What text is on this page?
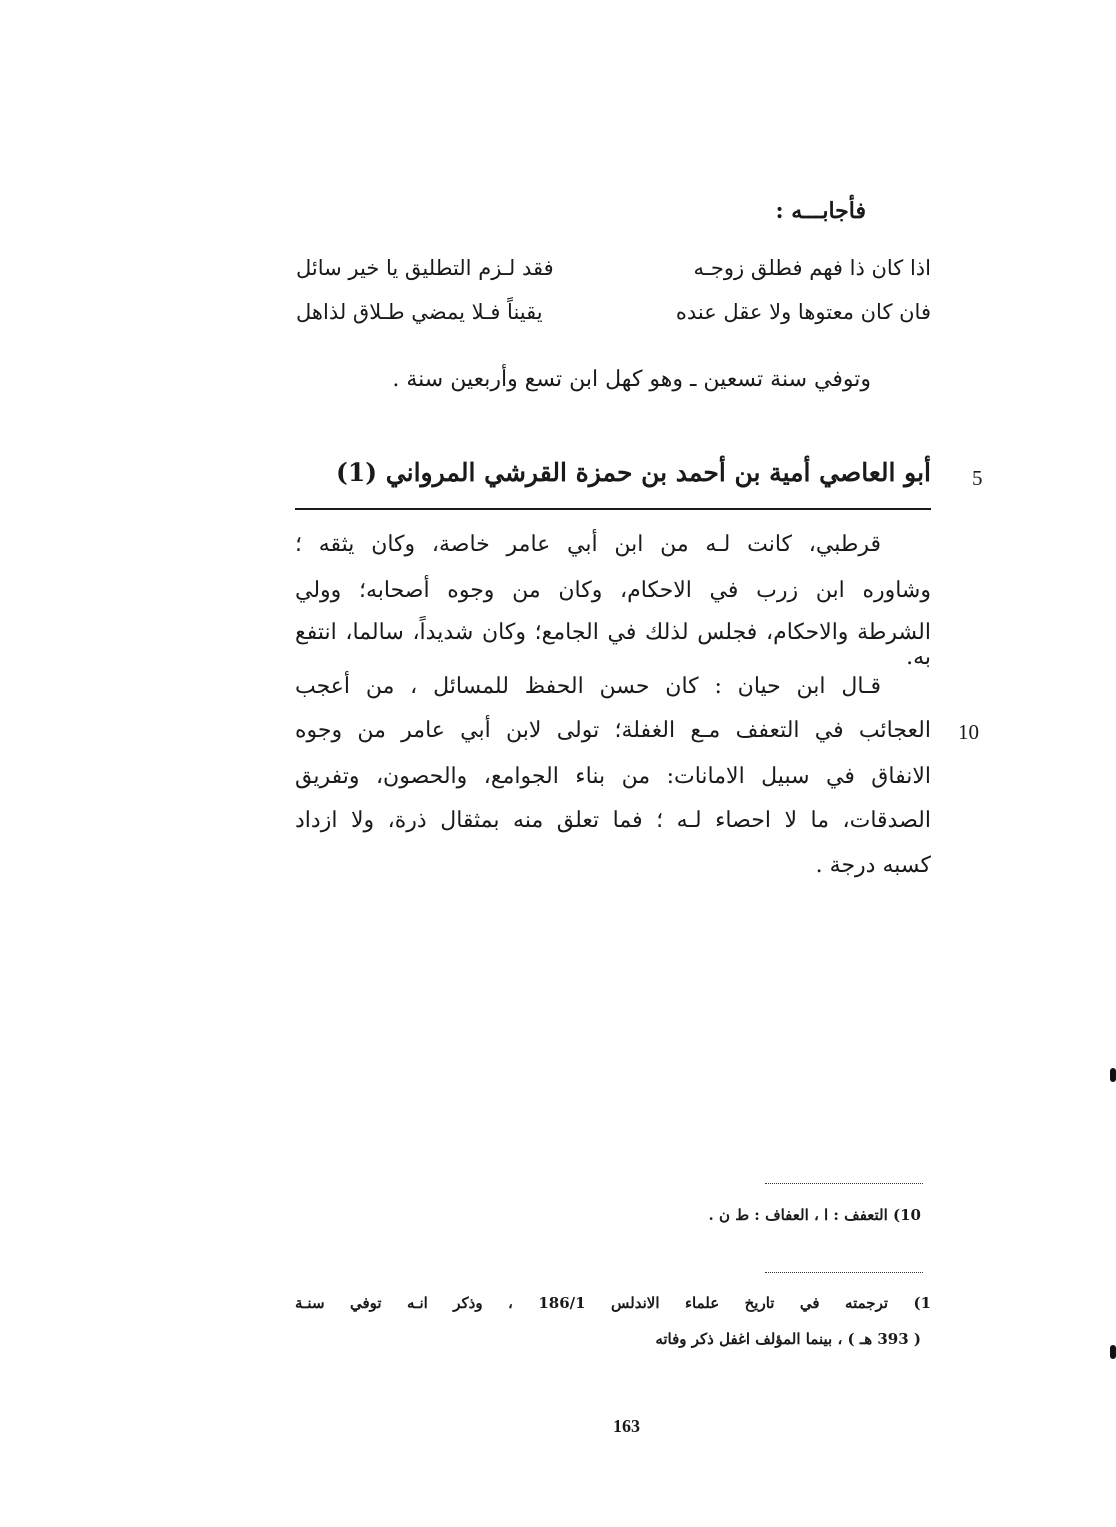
فأجابـــه :
اذا كان ذا فهم فطلق زوجـه
فقد لـزم التطليق يا خير سائل
فان كان معتوها ولا عقل عنده
يقيناً فـلا يمضي طـلاق لذاهل
وتوفي سنة تسعين ـ وهو كهل ابن تسع وأربعين سنة .
5
أبو العاصي أمية بن أحمد بن حمزة القرشي المرواني (1)
قرطبي، كانت لـه من ابن أبي عامر خاصة، وكان يثقه ؛
وشاوره ابن زرب في الاحكام، وكان من وجوه أصحابه؛ وولي
الشرطة والاحكام، فجلس لذلك في الجامع؛ وكان شديداً، سالما، انتفع به.
قـال ابن حيان : كان حسن الحفظ للمسائل ، من أعجب
العجائب في التعفف مـع الغفلة؛ تولى لابن أبي عامر من وجوه
الانفاق في سبيل الامانات: من بناء الجوامع، والحصون، وتفريق
الصدقات، ما لا احصاء لـه ؛ فما تعلق منه بمثقال ذرة، ولا ازداد
كسبه درجة .
10
10) التعفف : ا ، العفاف : ط ن .
1) ترجمته في تاريخ علماء الاندلس 186/1 ، وذكر انـه توفي سنـة
( 393 هـ ) ، بينما المؤلف اغفل ذكر وفاته
163
